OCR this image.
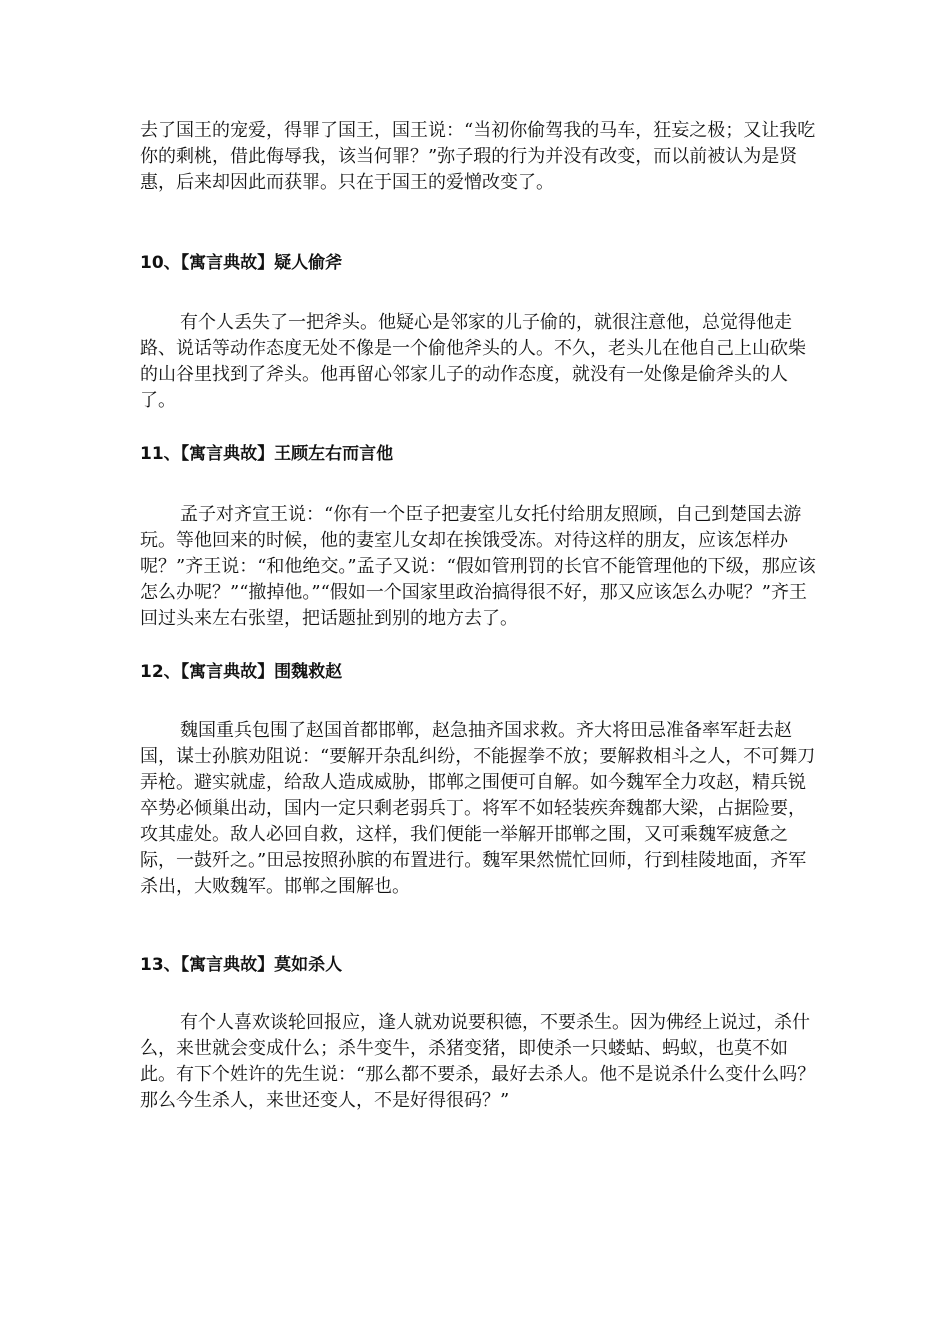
去了国王的宠爱，得罪了国王，国王说：“当初你偷驾我的马车，狂妄之极；又让我吃你的剩桃，借此侮辱我，该当何罪？”弥子瑕的行为并没有改变，而以前被认为是贤惠，后来却因此而获罪。只在于国王的爱憎改变了。

10、【寓言典故】疑人偷斧

有个人丢失了一把斧头。他疑心是邻家的儿子偷的，就很注意他，总觉得他走路、说话等动作态度无处不像是一个偷他斧头的人。不久，老头儿在他自己上山砍柴的山谷里找到了斧头。他再留心邻家儿子的动作态度，就没有一处像是偷斧头的人了。

11、【寓言典故】王顾左右而言他

孟子对齐宣王说：“你有一个臣子把妻室儿女托付给朋友照顾，自己到楚国去游玩。等他回来的时候，他的妻室儿女却在挨饿受冻。对待这样的朋友，应该怎样办呢？”齐王说：“和他绝交。”孟子又说：“假如管刑罚的长官不能管理他的下级，那应该怎么办呢？”“撤掉他。”“假如一个国家里政治搞得很不好，那又应该怎么办呢？”齐王回过头来左右张望，把话题扯到别的地方去了。

12、【寓言典故】围魏救赵

魏国重兵包围了赵国首都邯郸，赵急抽齐国求救。齐大将田忌准备率军赶去赵国，谋士孙膑劝阻说：“要解开杂乱纠纷，不能握拳不放；要解救相斗之人，不可舞刀弄枪。避实就虚，给敌人造成威胁，邯郸之围便可自解。如今魏军全力攻赵，精兵锐卒势必倾巢出动，国内一定只剩老弱兵丁。将军不如轻装疾奔魏都大梁，占据险要，攻其虚处。敌人必回自救，这样，我们便能一举解开邯郸之围，又可乘魏军疲惫之际，一鼓歼之。”田忌按照孙膑的布置进行。魏军果然慌忙回师，行到桂陵地面，齐军杀出，大败魏军。邯郸之围解也。

13、【寓言典故】莫如杀人

有个人喜欢谈轮回报应，逢人就劝说要积德，不要杀生。因为佛经上说过，杀什么，来世就会变成什么；杀牛变牛，杀猪变猪，即使杀一只蝼蛄、蚂蚁，也莫不如此。有下个姓许的先生说：“那么都不要杀，最好去杀人。他不是说杀什么变什么吗？那么今生杀人，来世还变人，不是好得很码？”
